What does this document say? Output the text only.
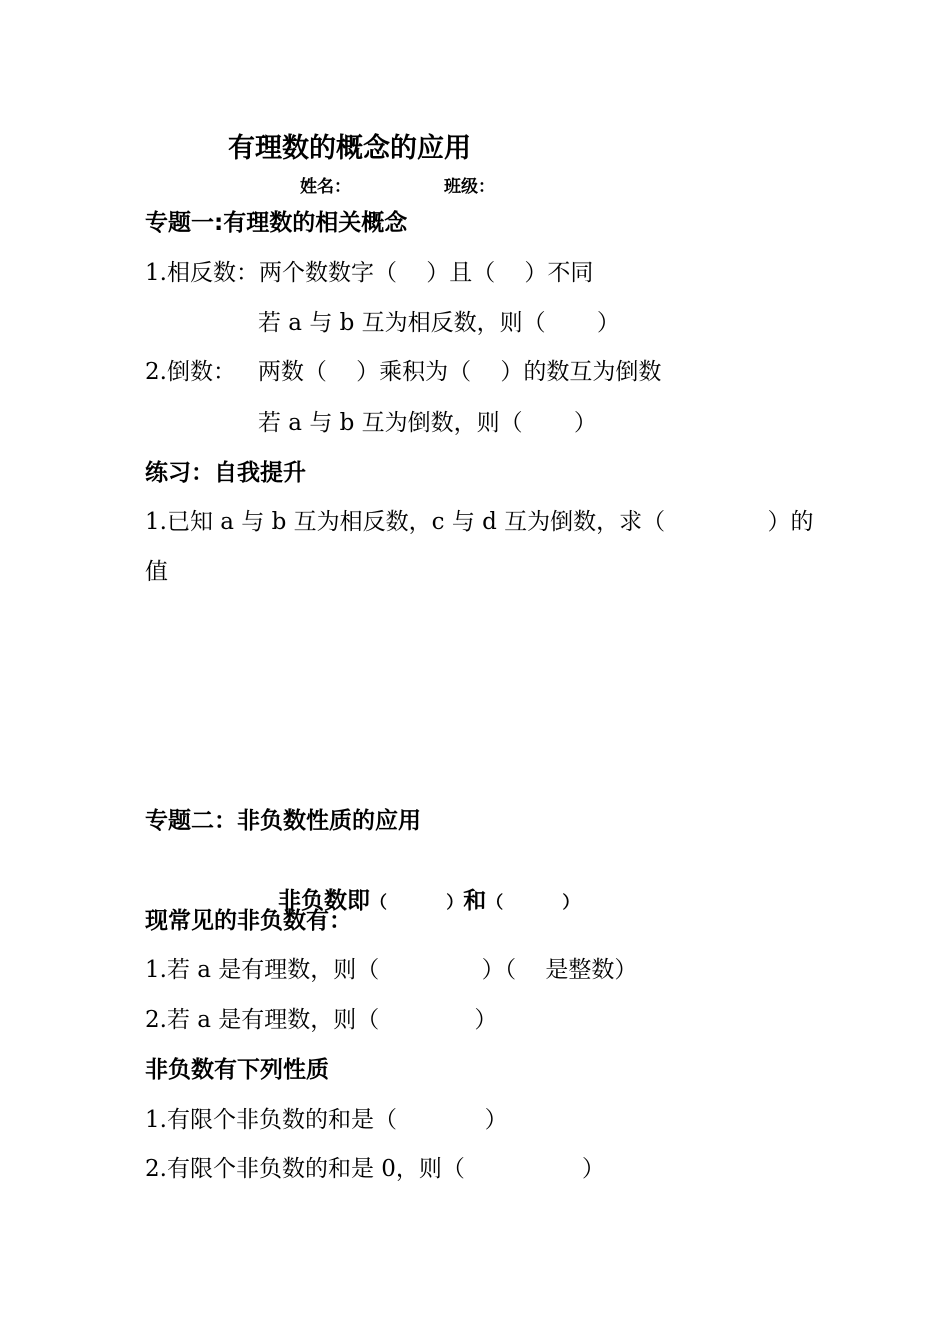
有理数的概念的应用
姓名：	班级：
专题一:有理数的相关概念
1.相反数：两个数数字（    ）且（    ）不同
若 a 与 b 互为相反数，则（       ）
2.倒数：   两数（    ）乘积为（    ）的数互为倒数
若 a 与 b 互为倒数，则（       ）
练习：自我提升
1.已知 a 与 b 互为相反数，c 与 d 互为倒数，求（              ）的
值
专题二：非负数性质的应用

非负数即（          ）和（          ）

现常见的非负数有：
1.若 a 是有理数，则（              ）（    是整数）
2.若 a 是有理数，则（             ）
非负数有下列性质
1.有限个非负数的和是（            ）
2.有限个非负数的和是 0，则（                ）
